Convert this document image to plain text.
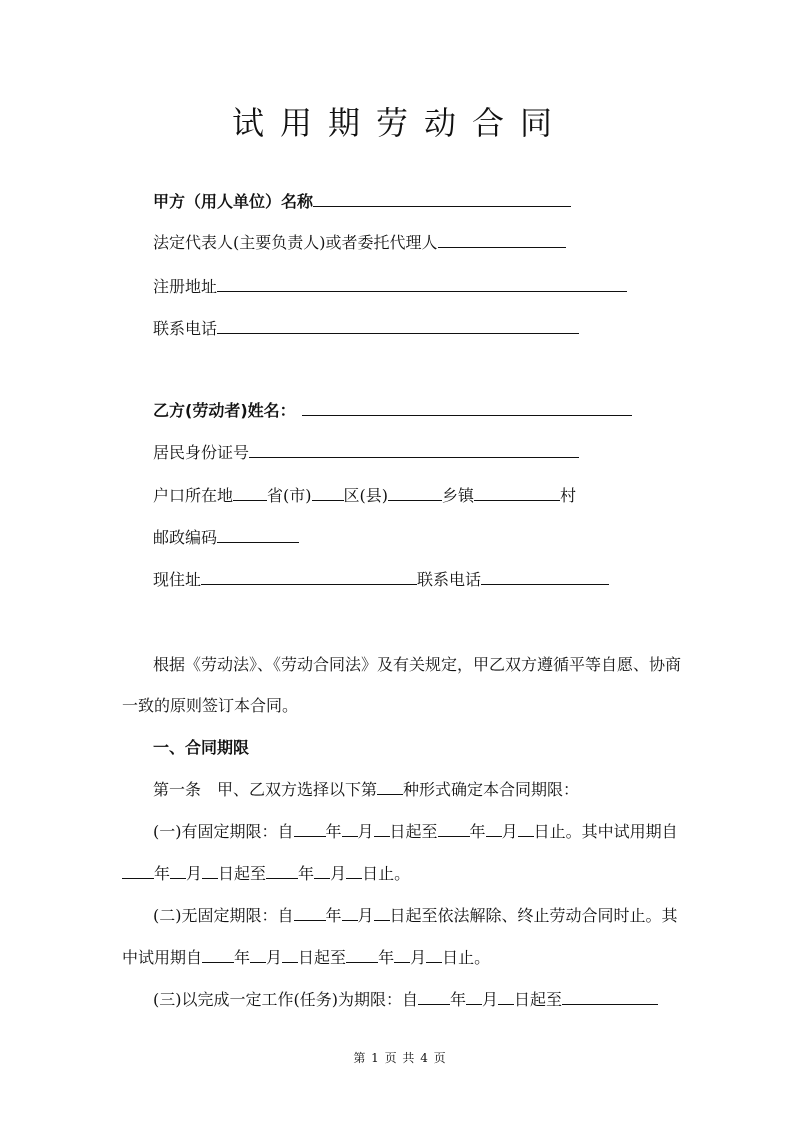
试用期劳动合同
甲方（用人单位）名称
法定代表人(主要负责人)或者委托代理人
注册地址
联系电话
乙方(劳动者)姓名：
居民身份证号
户口所在地 省(市) 区(县)	乡镇	村
邮政编码
现住址	联系电话
根据《劳动法》、《劳动合同法》及有关规定，甲乙双方遵循平等自愿、协商
一致的原则签订本合同。
一、合同期限
第一条　甲、乙双方选择以下第 种形式确定本合同期限：
(一)有固定期限：自 年 月 日起至 年 月 日止。其中试用期自
年 月 日起至 年 月 日止。
(二)无固定期限：自 年 月 日起至依法解除、终止劳动合同时止。其
中试用期自 年 月 日起至 年 月 日止。
(三)以完成一定工作(任务)为期限：自 年 月 日起至
第 1 页 共 4 页
